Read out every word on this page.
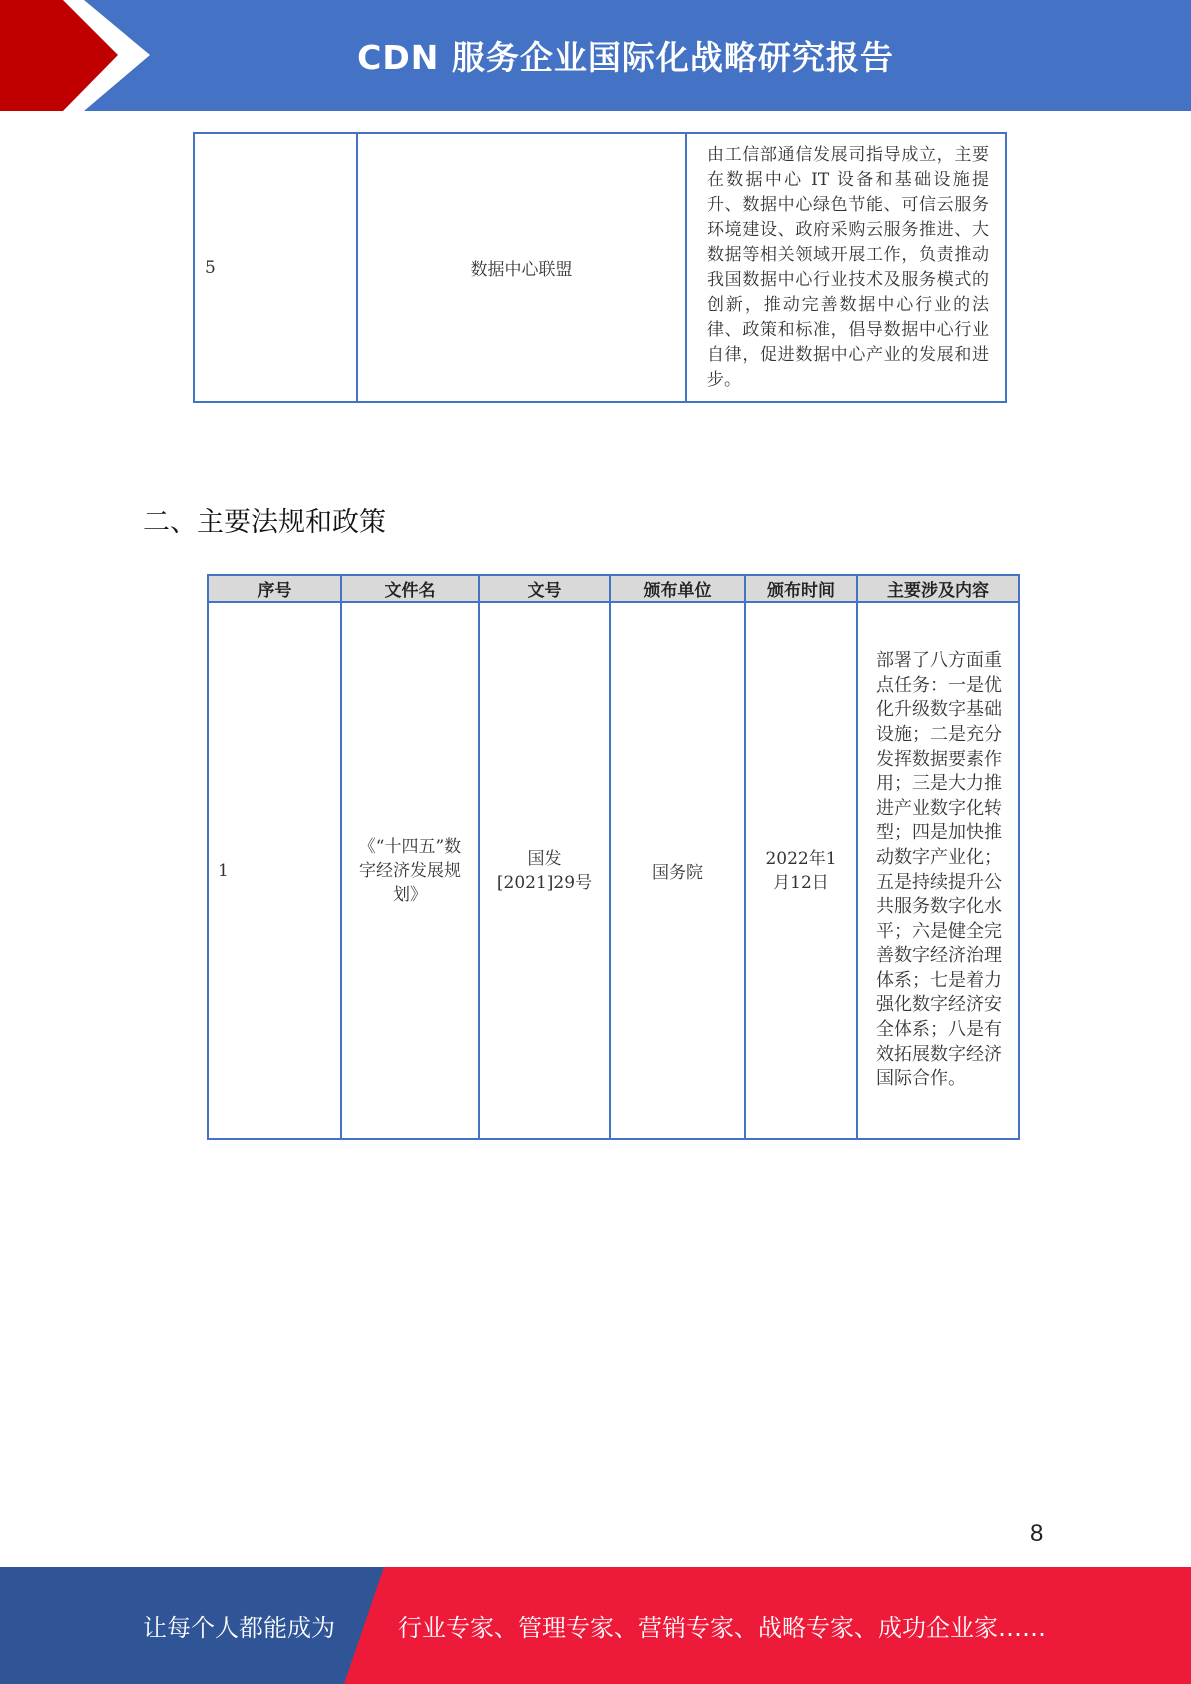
CDN 服务企业国际化战略研究报告
5	数据中心联盟	由工信部通信发展司指导成立，主要在数据中心 IT 设备和基础设施提升、数据中心绿色节能、可信云服务环境建设、政府采购云服务推进、大数据等相关领域开展工作，负责推动我国数据中心行业技术及服务模式的创新，推动完善数据中心行业的法律、政策和标准，倡导数据中心行业自律，促进数据中心产业的发展和进步。
二、主要法规和政策
序号	文件名	文号	颁布单位	颁布时间	主要涉及内容
1	《“十四五”数字经济发展规划》	国发[2021]29号	国务院	2022年1月12日	部署了八方面重点任务：一是优化升级数字基础设施；二是充分发挥数据要素作用；三是大力推进产业数字化转型；四是加快推动数字产业化；五是持续提升公共服务数字化水平；六是健全完善数字经济治理体系；七是着力强化数字经济安全体系；八是有效拓展数字经济国际合作。
8
让每个人都能成为	行业专家、管理专家、营销专家、战略专家、成功企业家……
